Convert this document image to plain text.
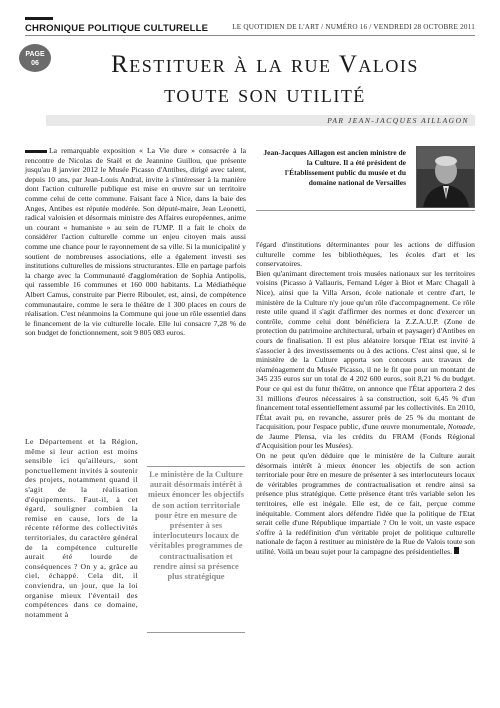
CHRONIQUE POLITIQUE CULTURELLE	LE QUOTIDIEN DE L'ART / NUMÉRO 16 / VENDREDI 28 OCTOBRE 2011
PAGE
06	Restituer à la rue Valois
toute son utilité
PAR JEAN-JACQUES AILLAGON

La remarquable exposition « La Vie dure » consacrée à la rencontre de Nicolas de Staël et de Jeannine Guillou, que présente jusqu'au 8 janvier 2012 le Musée Picasso d'Antibes, dirigé avec talent, depuis 10 ans, par Jean-Louis Andral, invite à s'intéresser à la manière dont l'action culturelle publique est mise en œuvre sur un territoire comme celui de cette commune. Faisant face à Nice, dans la baie des Anges, Antibes est réputée modérée. Son député-maire, Jean Leonetti, radical valoisien et désormais ministre des Affaires européennes, anime un courant « humaniste » au sein de l'UMP. Il a fait le choix de considérer l'action culturelle comme un enjeu citoyen mais aussi comme une chance pour le rayonnement de sa ville. Si la municipalité y soutient de nombreuses associations, elle a également investi ses institutions culturelles de missions structurantes. Elle en partage parfois la charge avec la Communauté d'agglomération de Sophia Antipolis, qui rassemble 16 communes et 160 000 habitants. La Médiathèque Albert Camus, construite par Pierre Riboulet, est, ainsi, de compétence communautaire, comme le sera le théâtre de 1 300 places en cours de réalisation. C'est néanmoins la Commune qui joue un rôle essentiel dans le financement de la vie culturelle locale. Elle lui consacre 7,28 % de son budget de fonctionnement, soit 9 805 083 euros.

Le Département et la Région, même si leur action est moins sensible ici qu'ailleurs, sont ponctuellement invités à soutenir des projets, notamment quand il s'agit de la réalisation d'équipements. Faut-il, à cet égard, souligner combien la remise en cause, lors de la récente réforme des collectivités territoriales, du caractère général de la compétence culturelle aurait été lourde de conséquences ? On y a, grâce au ciel, échappé. Cela dit, il conviendra, un jour, que la loi organise mieux l'éventail des compétences dans ce domaine, notamment à

Le ministère de la Culture aurait désormais intérêt à mieux énoncer les objectifs de son action territoriale pour être en mesure de présenter à ses interlocuteurs locaux de véritables programmes de contractualisation et rendre ainsi sa présence plus stratégique
Jean-Jacques Aillagon est ancien ministre de la Culture. Il a été président de l'Établissement public du musée et du domaine national de Versailles

l'égard d'institutions déterminantes pour les actions de diffusion culturelle comme les bibliothèques, les écoles d'art et les conservatoires.

Bien qu'animant directement trois musées nationaux sur les territoires voisins (Picasso à Vallauris, Fernand Léger à Biot et Marc Chagall à Nice), ainsi que la Villa Arson, école nationale et centre d'art, le ministère de la Culture n'y joue qu'un rôle d'accompagnement. Ce rôle reste utile quand il s'agit d'affirmer des normes et donc d'exercer un contrôle, comme celui dont bénéficiera la Z.Z.A.U.P. (Zone de protection du patrimoine architectural, urbain et paysager) d'Antibes en cours de finalisation. Il est plus aléatoire lorsque l'Etat est invité à s'associer à des investissements ou à des actions. C'est ainsi que, si le ministère de la Culture apporta son concours aux travaux de réaménagement du Musée Picasso, il ne le fit que pour un montant de 345 235 euros sur un total de 4 202 600 euros, soit 8,21 % du budget. Pour ce qui est du futur théâtre, on annonce que l'État apportera 2 des 31 millions d'euros nécessaires à sa construction, soit 6,45 % d'un financement total essentiellement assumé par les collectivités. En 2010, l'État avait pu, en revanche, assurer près de 25 % du montant de l'acquisition, pour l'espace public, d'une œuvre monumentale, Nomade, de Jaume Plensa, via les crédits du FRAM (Fonds Régional d'Acquisition pour les Musées).

On ne peut qu'en déduire que le ministère de la Culture aurait désormais intérêt à mieux énoncer les objectifs de son action territoriale pour être en mesure de présenter à ses interlocuteurs locaux de véritables programmes de contractualisation et rendre ainsi sa présence plus stratégique. Cette présence étant très variable selon les territoires, elle est inégale. Elle est, de ce fait, perçue comme inéquitable. Comment alors défendre l'idée que la politique de l'Etat serait celle d'une République impartiale ? On le voit, un vaste espace s'offre à la redéfinition d'un véritable projet de politique culturelle nationale de façon à restituer au ministère de la Rue de Valois toute son utilité. Voilà un beau sujet pour la campagne des présidentielles.
